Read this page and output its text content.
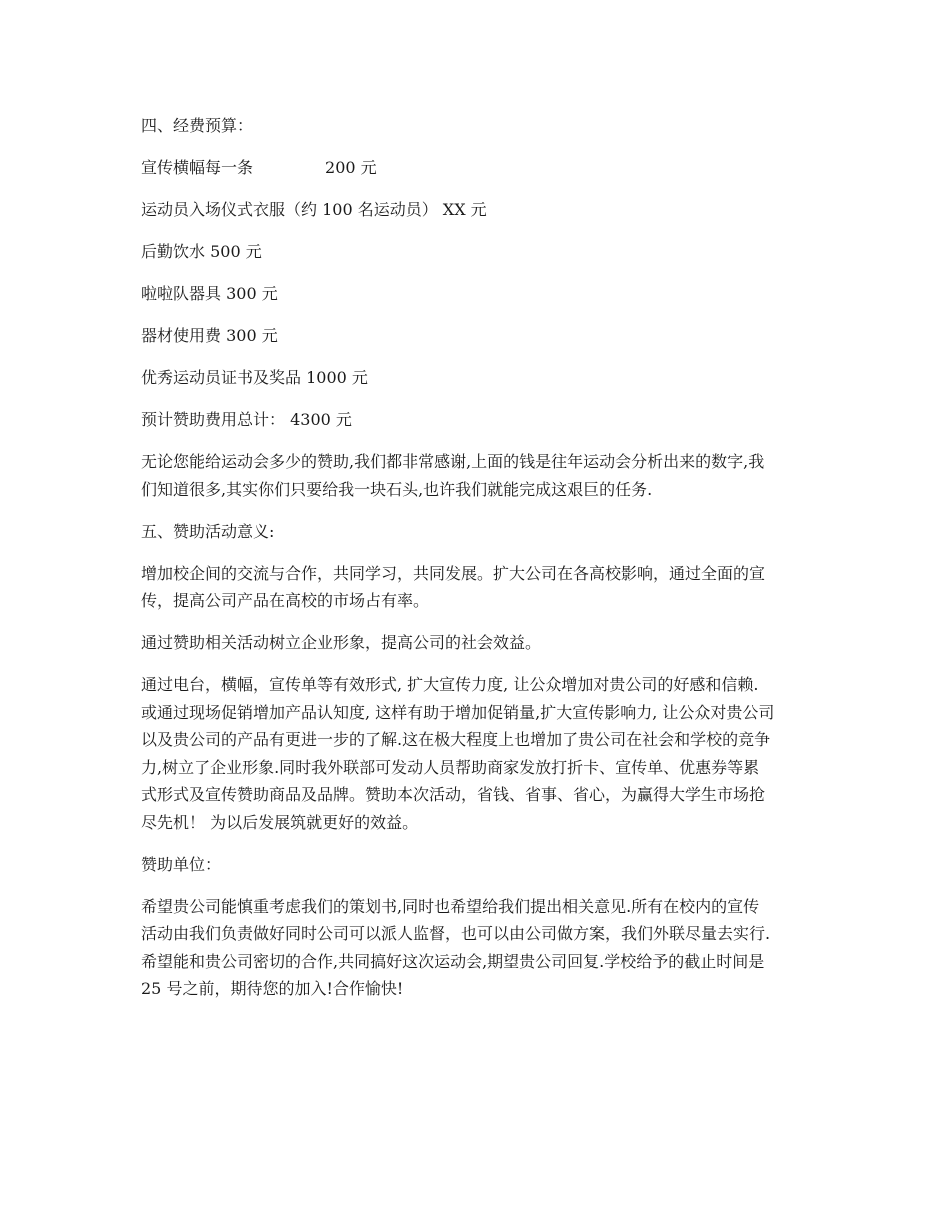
四、经费预算：

宣传横幅每一条	200 元

运动员入场仪式衣服（约 100 名运动员） XX 元

后勤饮水 500 元

啦啦队器具 300 元

器材使用费 300 元

优秀运动员证书及奖品 1000 元

预计赞助费用总计： 4300 元

无论您能给运动会多少的赞助,我们都非常感谢,上面的钱是往年运动会分析出来的数字,我
们知道很多,其实你们只要给我一块石头,也许我们就能完成这艰巨的任务.

五、赞助活动意义:

增加校企间的交流与合作，共同学习，共同发展。扩大公司在各高校影响，通过全面的宣
传，提高公司产品在高校的市场占有率。

通过赞助相关活动树立企业形象，提高公司的社会效益。

通过电台，横幅，宣传单等有效形式, 扩大宣传力度, 让公众增加对贵公司的好感和信赖.
或通过现场促销增加产品认知度, 这样有助于增加促销量,扩大宣传影响力, 让公众对贵公司
以及贵公司的产品有更进一步的了解.这在极大程度上也增加了贵公司在社会和学校的竞争
力,树立了企业形象.同时我外联部可发动人员帮助商家发放打折卡、宣传单、优惠券等累
式形式及宣传赞助商品及品牌。赞助本次活动，省钱、省事、省心，为赢得大学生市场抢
尽先机！ 为以后发展筑就更好的效益。

赞助单位：

希望贵公司能慎重考虑我们的策划书,同时也希望给我们提出相关意见.所有在校内的宣传
活动由我们负责做好同时公司可以派人监督，也可以由公司做方案，我们外联尽量去实行.
希望能和贵公司密切的合作,共同搞好这次运动会,期望贵公司回复.学校给予的截止时间是
25 号之前，期待您的加入!合作愉快!
